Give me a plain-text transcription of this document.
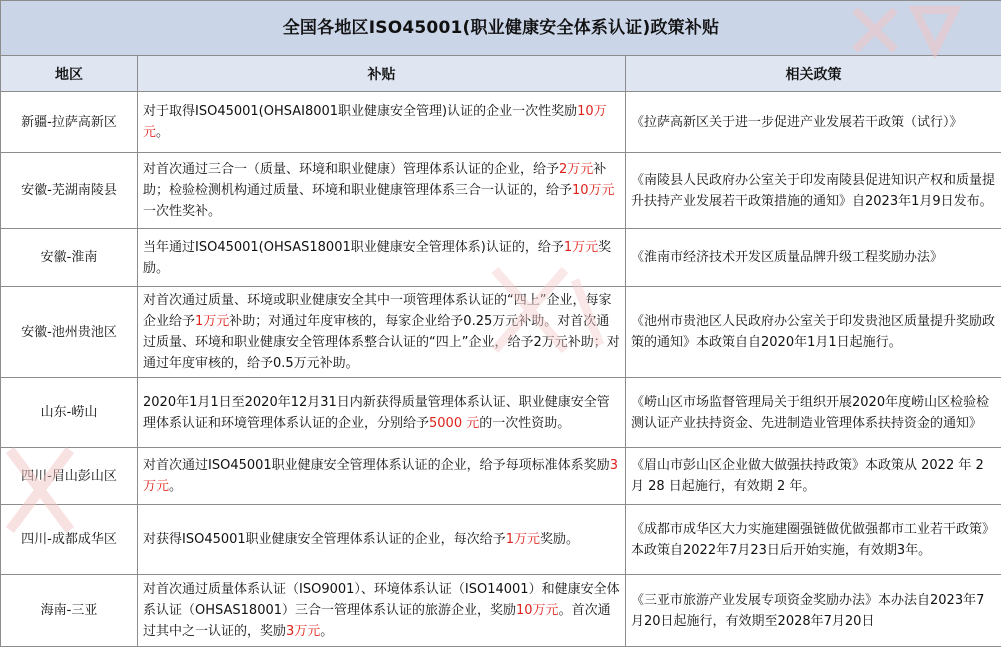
全国各地区ISO45001(职业健康安全体系认证)政策补贴		
地区	补贴	相关政策
新疆-拉萨高新区	对于取得ISO45001(OHSAI8001职业健康安全管理)认证的企业一次性奖励10万元。	《拉萨高新区关于进一步促进产业发展若干政策（试行）》
安徽-芜湖南陵县	对首次通过三合一（质量、环境和职业健康）管理体系认证的企业，给予2万元补助；检验检测机构通过质量、环境和职业健康管理体系三合一认证的，给予10万元一次性奖补。	《南陵县人民政府办公室关于印发南陵县促进知识产权和质量提升扶持产业发展若干政策措施的通知》自2023年1月9日发布。
安徽-淮南	当年通过ISO45001(OHSAS18001职业健康安全管理体系)认证的，给予1万元奖励。	《淮南市经济技术开发区质量品牌升级工程奖励办法》
安徽-池州贵池区	对首次通过质量、环境或职业健康安全其中一项管理体系认证的“四上”企业，每家企业给予1万元补助；对通过年度审核的，每家企业给予0.25万元补助。对首次通过质量、环境和职业健康安全管理体系整合认证的“四上”企业，给予2万元补助；对通过年度审核的，给予0.5万元补助。	《池州市贵池区人民政府办公室关于印发贵池区质量提升奖励政策的通知》本政策自自2020年1月1日起施行。
山东-崂山	2020年1月1日至2020年12月31日内新获得质量管理体系认证、职业健康安全管理体系认证和环境管理体系认证的企业，分别给予5000 元的一次性资助。	《崂山区市场监督管理局关于组织开展2020年度崂山区检验检测认证产业扶持资金、先进制造业管理体系扶持资金的通知》
四川-眉山彭山区	对首次通过ISO45001职业健康安全管理体系认证的企业，给予每项标准体系奖励3万元。	《眉山市彭山区企业做大做强扶持政策》本政策从 2022 年 2 月 28 日起施行，有效期 2 年。
四川-成都成华区	对获得ISO45001职业健康安全管理体系认证的企业，每次给予1万元奖励。	《成都市成华区大力实施建圈强链做优做强都市工业若干政策》本政策自2022年7月23日后开始实施，有效期3年。
海南-三亚	对首次通过质量体系认证（ISO9001）、环境体系认证（ISO14001）和健康安全体系认证（OHSAS18001）三合一管理体系认证的旅游企业，奖励10万元。首次通过其中之一认证的，奖励3万元。	《三亚市旅游产业发展专项资金奖励办法》本办法自2023年7月20日起施行，有效期至2028年7月20日
